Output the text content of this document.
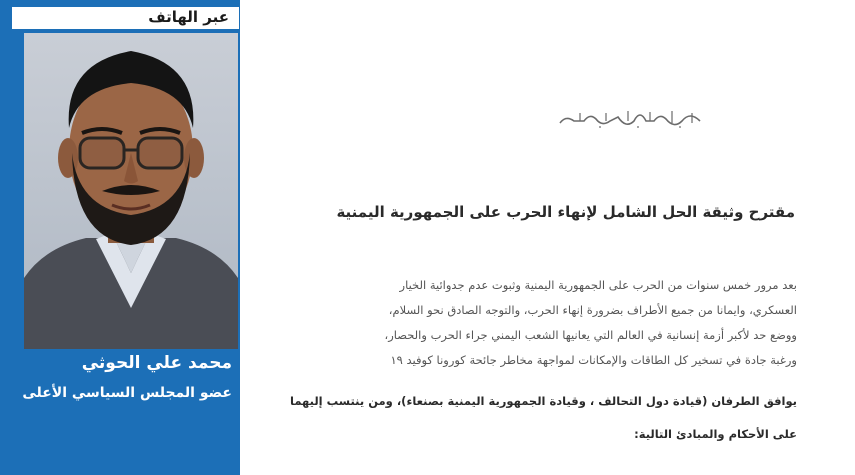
عبر الهاتف
محمد علي الحوثي
عضو المجلس السياسي الأعلى
مقترح وثيقة الحل الشامل لإنهاء الحرب على الجمهورية اليمنية
بعد مرور خمس سنوات من الحرب على الجمهورية اليمنية وثبوت عدم جدوائية الخيار
العسكري، وايمانا من جميع الأطراف بضرورة إنهاء الحرب، والتوجه الصادق نحو السلام،
ووضع حد لأكبر أزمة إنسانية في العالم التي يعانيها الشعب اليمني جراء الحرب والحصار،
ورغبة جادة في تسخير كل الطاقات والإمكانات لمواجهة مخاطر جائحة كورونا كوفيد ١٩
يوافق الطرفان (قيادة دول التحالف ، وقيادة الجمهورية اليمنية بصنعاء)، ومن ينتسب إليهما
على الأحكام والمبادئ التالية:
